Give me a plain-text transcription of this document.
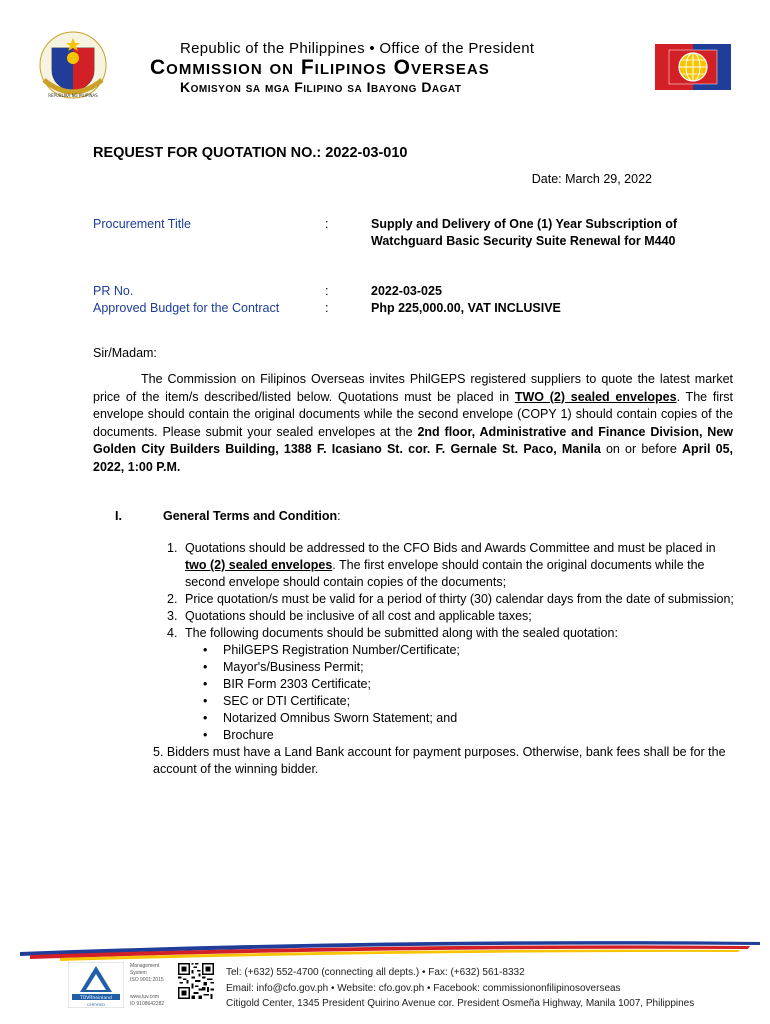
REPUBLIKA NG PILIPINAS
Republic of the Philippines • Office of the President
Commission on Filipinos Overseas
Komisyon sa mga Filipino sa Ibayong Dagat
REQUEST FOR QUOTATION NO.: 2022-03-010
Date: March 29, 2022
Procurement Title	:	Supply and Delivery of One (1) Year Subscription of
Watchguard Basic Security Suite Renewal for M440
PR No.	:	2022-03-025
Approved Budget for the Contract	:	Php 225,000.00, VAT INCLUSIVE
Sir/Madam:

The Commission on Filipinos Overseas invites PhilGEPS registered suppliers to quote the latest market price of the item/s described/listed below. Quotations must be placed in TWO (2) sealed envelopes. The first envelope should contain the original documents while the second envelope (COPY 1) should contain copies of the documents. Please submit your sealed envelopes at the 2nd floor, Administrative and Finance Division, New Golden City Builders Building, 1388 F. Icasiano St. cor. F. Gernale St. Paco, Manila on or before April 05, 2022, 1:00 P.M.

I.	General Terms and Condition:
1. Quotations should be addressed to the CFO Bids and Awards Committee and must be placed in two (2) sealed envelopes. The first envelope should contain the original documents while the second envelope should contain copies of the documents;
2. Price quotation/s must be valid for a period of thirty (30) calendar days from the date of submission;
3. Quotations should be inclusive of all cost and applicable taxes;
4. The following documents should be submitted along with the sealed quotation:
PhilGEPS Registration Number/Certificate;
Mayor's/Business Permit;
BIR Form 2303 Certificate;
SEC or DTI Certificate;
Notarized Omnibus Sworn Statement; and
Brochure
5. Bidders must have a Land Bank account for payment purposes. Otherwise, bank fees shall be for the account of the winning bidder.
TÜVRheinland
CERTIFIED
Management System
ISO 9001:2015
www.tuv.com
ID 9108642282
Tel: (+632) 552-4700 (connecting all depts.) • Fax: (+632) 561-8332
Email: info@cfo.gov.ph • Website: cfo.gov.ph • Facebook: commissiononfilipinosoverseas
Citigold Center, 1345 President Quirino Avenue cor. President Osmeña Highway, Manila 1007, Philippines
